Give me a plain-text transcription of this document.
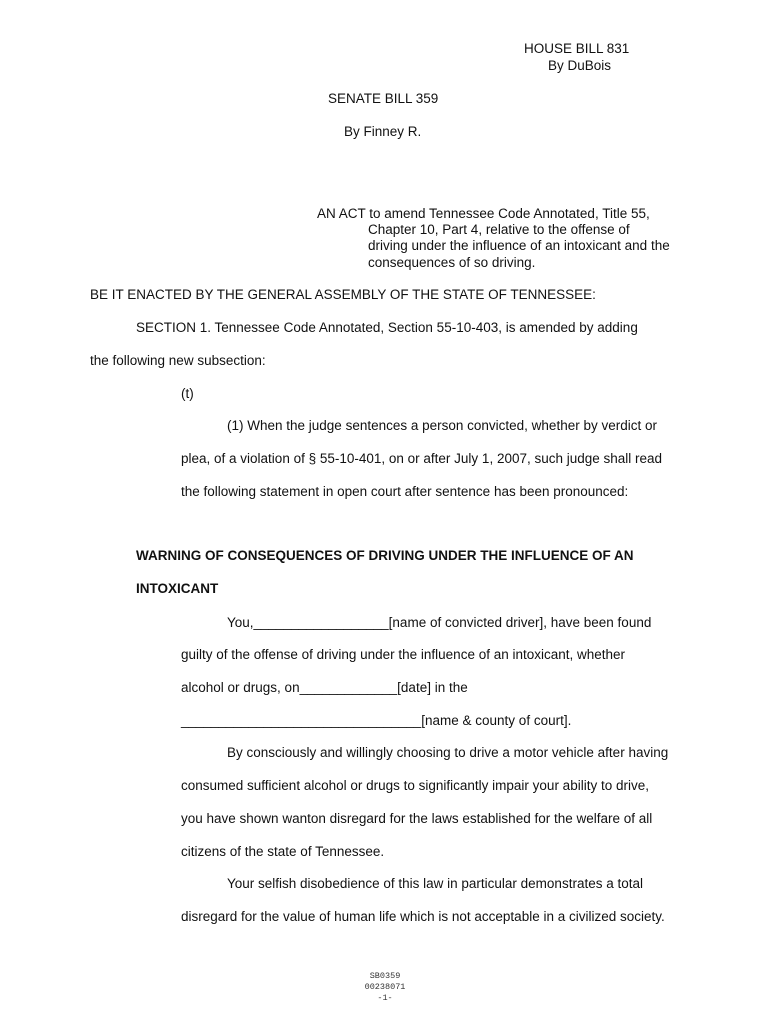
HOUSE BILL 831
By DuBois
SENATE BILL 359
By Finney R.
AN ACT to amend Tennessee Code Annotated, Title 55,
Chapter 10, Part 4, relative to the offense of
driving under the influence of an intoxicant and the
consequences of so driving.
BE IT ENACTED BY THE GENERAL ASSEMBLY OF THE STATE OF TENNESSEE:
SECTION 1. Tennessee Code Annotated, Section 55-10-403, is amended by adding
the following new subsection:
(t)
(1) When the judge sentences a person convicted, whether by verdict or
plea, of a violation of § 55-10-401, on or after July 1, 2007, such judge shall read
the following statement in open court after sentence has been pronounced:
WARNING OF CONSEQUENCES OF DRIVING UNDER THE INFLUENCE OF AN
INTOXICANT
You,__________________[name of convicted driver], have been found
guilty of the offense of driving under the influence of an intoxicant, whether
alcohol or drugs, on_____________[date] in the
________________________________[name & county of court].
By consciously and willingly choosing to drive a motor vehicle after having
consumed sufficient alcohol or drugs to significantly impair your ability to drive,
you have shown wanton disregard for the laws established for the welfare of all
citizens of the state of Tennessee.
Your selfish disobedience of this law in particular demonstrates a total
disregard for the value of human life which is not acceptable in a civilized society.
SB0359
00238071
-1-
